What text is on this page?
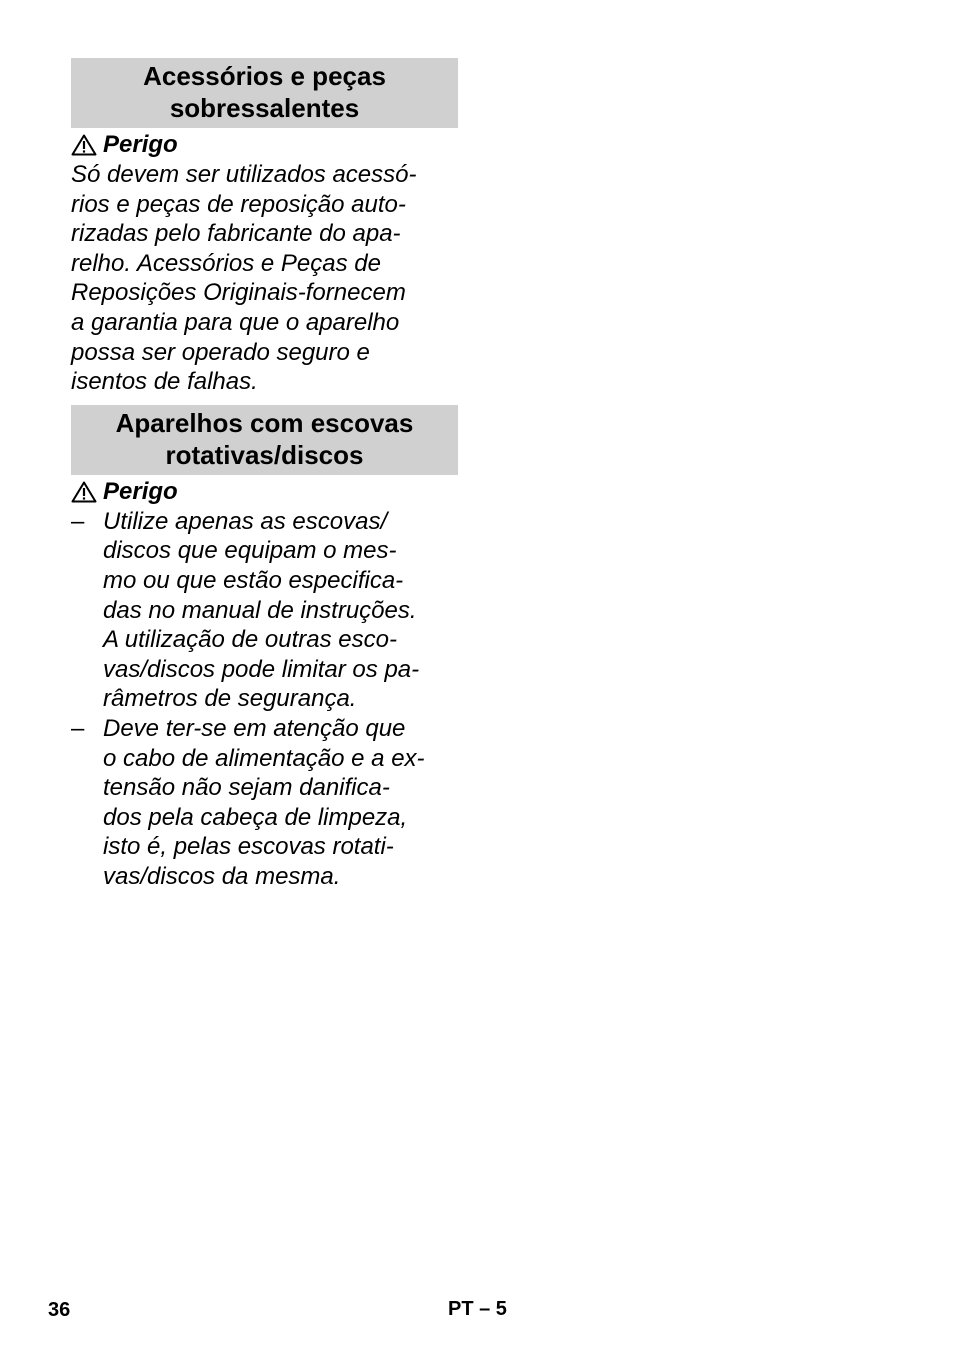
Acessórios e peças
sobressalentes
Perigo
Só devem ser utilizados acessó-
rios e peças de reposição auto-
rizadas pelo fabricante do apa-
relho. Acessórios e Peças de
Reposições Originais-fornecem
a garantia para que o aparelho
possa ser operado seguro e
isentos de falhas.
Aparelhos com escovas
rotativas/discos
Perigo
– Utilize apenas as escovas/
discos que equipam o mes-
mo ou que estão especifica-
das no manual de instruções.
A utilização de outras esco-
vas/discos pode limitar os pa-
râmetros de segurança.
– Deve ter-se em atenção que
o cabo de alimentação e a ex-
tensão não sejam danifica-
dos pela cabeça de limpeza,
isto é, pelas escovas rotati-
vas/discos da mesma.
36	PT – 5
